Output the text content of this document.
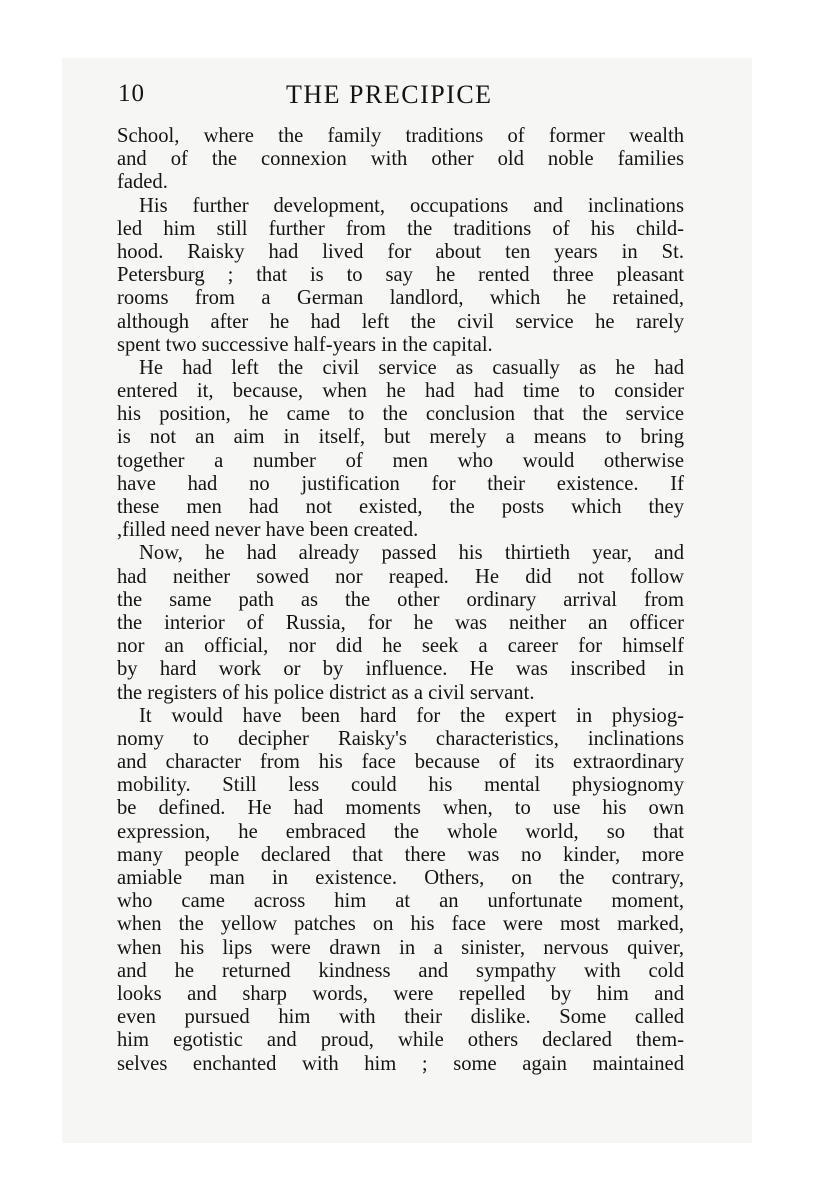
10	THE PRECIPICE
School, where the family traditions of former wealth
and of the connexion with other old noble families
faded.
His further development, occupations and inclinations
led him still further from the traditions of his child-
hood. Raisky had lived for about ten years in St.
Petersburg ; that is to say he rented three pleasant
rooms from a German landlord, which he retained,
although after he had left the civil service he rarely
spent two successive half-years in the capital.
He had left the civil service as casually as he had
entered it, because, when he had had time to consider
his position, he came to the conclusion that the service
is not an aim in itself, but merely a means to bring
together a number of men who would otherwise
have had no justification for their existence. If
these men had not existed, the posts which they
,filled need never have been created.
Now, he had already passed his thirtieth year, and
had neither sowed nor reaped. He did not follow
the same path as the other ordinary arrival from
the interior of Russia, for he was neither an officer
nor an official, nor did he seek a career for himself
by hard work or by influence. He was inscribed in
the registers of his police district as a civil servant.
It would have been hard for the expert in physiog-
nomy to decipher Raisky's characteristics, inclinations
and character from his face because of its extraordinary
mobility. Still less could his mental physiognomy
be defined. He had moments when, to use his own
expression, he embraced the whole world, so that
many people declared that there was no kinder, more
amiable man in existence. Others, on the contrary,
who came across him at an unfortunate moment,
when the yellow patches on his face were most marked,
when his lips were drawn in a sinister, nervous quiver,
and he returned kindness and sympathy with cold
looks and sharp words, were repelled by him and
even pursued him with their dislike. Some called
him egotistic and proud, while others declared them-
selves enchanted with him ; some again maintained
